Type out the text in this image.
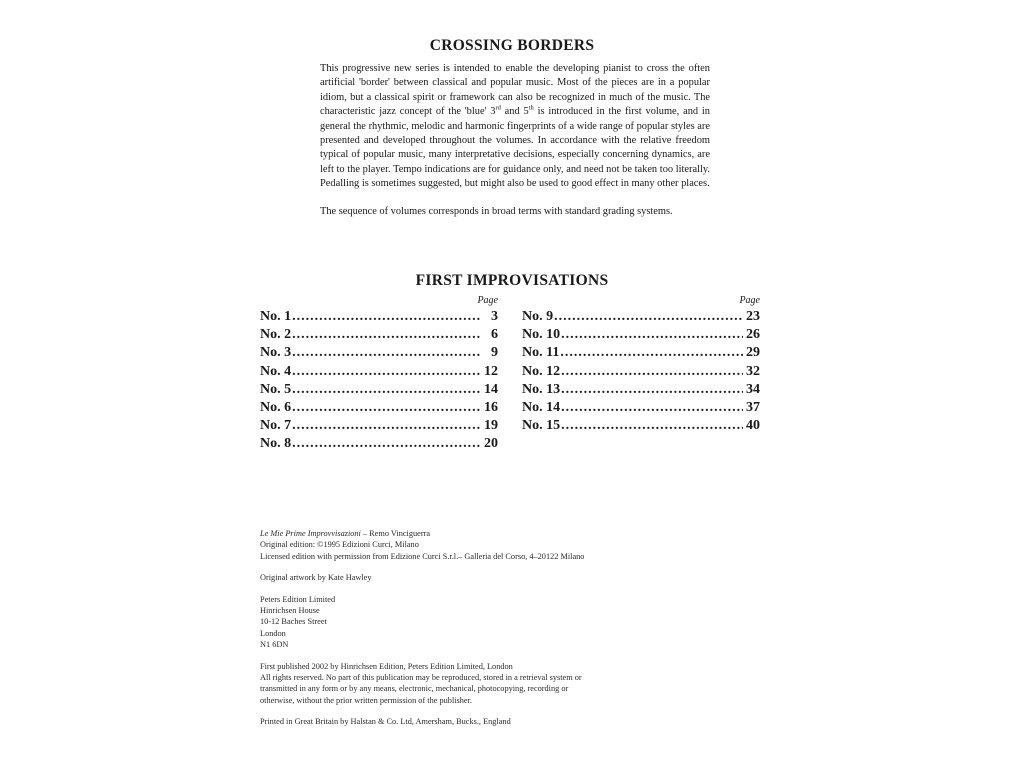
CROSSING BORDERS

This progressive new series is intended to enable the developing pianist to cross the often artificial 'border' between classical and popular music. Most of the pieces are in a popular idiom, but a classical spirit or framework can also be recognized in much of the music. The characteristic jazz concept of the 'blue' 3rd and 5th is introduced in the first volume, and in general the rhythmic, melodic and harmonic fingerprints of a wide range of popular styles are presented and developed throughout the volumes. In accordance with the relative freedom typical of popular music, many interpretative decisions, especially concerning dynamics, are left to the player. Tempo indications are for guidance only, and need not be taken too literally. Pedalling is sometimes suggested, but might also be used to good effect in many other places.

The sequence of volumes corresponds in broad terms with standard grading systems.

FIRST IMPROVISATIONS
Page
No. 1 .....	3
No. 2 .....	6
No. 3 .....	9
No. 4 .....	12
No. 5 .....	14
No. 6 .....	16
No. 7 .....	19
No. 8 .....	20
Page
No. 9 .....	23
No. 10 .....	26
No. 11 .....	29
No. 12 .....	32
No. 13 .....	34
No. 14 .....	37
No. 15 .....	40
Le Mie Prime Improvvisazioni – Remo Vinciguerra
Original edition: ©1995 Edizioni Curci, Milano
Licensed edition with permission from Edizione Curci S.r.l.– Galleria del Corso, 4–20122 Milano
Original artwork by Kate Hawley
Peters Edition Limited
Hinrichsen House
10-12 Baches Street
London
N1 6DN
First published 2002 by Hinrichsen Edition, Peters Edition Limited, London
All rights reserved. No part of this publication may be reproduced, stored in a retrieval system or
transmitted in any form or by any means, electronic, mechanical, photocopying, recording or
otherwise, without the prior written permission of the publisher.
Printed in Great Britain by Halstan & Co. Ltd, Amersham, Bucks., England
